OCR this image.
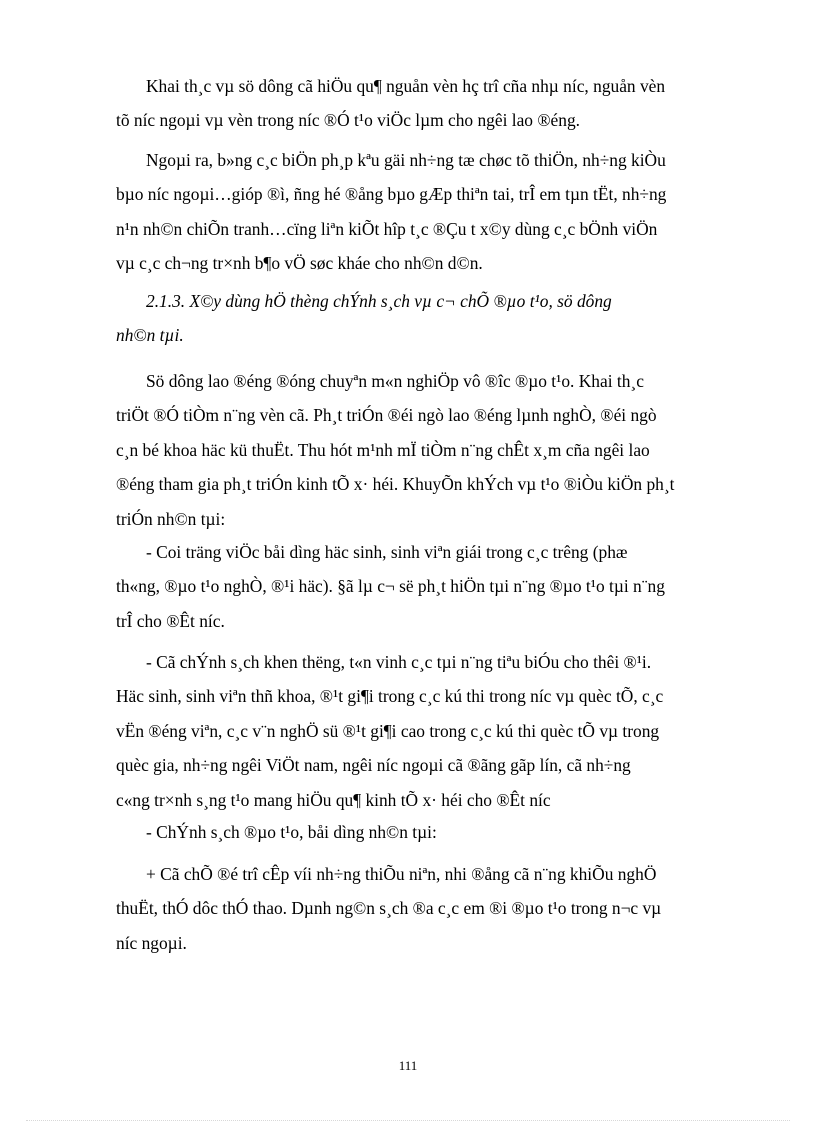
Khai th¸c vµ sö dông cã hiÖu qu¶ nguån vèn hç trî cña nhµ níc, nguån vèn
tõ níc ngoµi vµ vèn trong níc ®Ó t¹o viÖc lµm cho ngêi lao ®éng.

Ngoµi ra, b»ng c¸c biÖn ph¸p kªu gäi nh÷ng tæ chøc tõ thiÖn, nh÷ng kiÒu
bµo níc ngoµi…gióp ®ì, ñng hé ®ång bµo gÆp thiªn tai, trÎ em tµn tËt, nh÷ng
n¹n nh©n chiÕn tranh…cïng liªn kiÕt hîp t¸c ®Çu t x©y dùng c¸c bÖnh viÖn
vµ c¸c ch¬ng tr×nh b¶o vÖ søc kháe cho nh©n d©n.

2.1.3. X©y dùng hÖ thèng chÝnh s¸ch vµ c¬ chÕ ®µo t¹o, sö dông
nh©n tµi.

Sö dông lao ®éng ®óng chuyªn m«n nghiÖp vô ®îc ®µo t¹o. Khai th¸c
triÖt ®Ó tiÒm n¨ng vèn cã. Ph¸t triÓn ®éi ngò lao ®éng lµnh nghÒ, ®éi ngò
c¸n bé khoa häc kü thuËt. Thu hót m¹nh mÏ tiÒm n¨ng chÊt x¸m cña ngêi lao
®éng tham gia ph¸t triÓn kinh tÕ x· héi. KhuyÕn khÝch vµ t¹o ®iÒu kiÖn ph¸t
triÓn nh©n tµi:

- Coi träng viÖc båi dìng häc sinh, sinh viªn giái trong c¸c trêng (phæ
th«ng, ®µo t¹o nghÒ, ®¹i häc). §ã lµ c¬ së ph¸t hiÖn tµi n¨ng ®µo t¹o tµi n¨ng
trÎ cho ®Êt níc.

- Cã chÝnh s¸ch khen thëng, t«n vinh c¸c tµi n¨ng tiªu biÓu cho thêi ®¹i.
Häc sinh, sinh viªn thñ khoa, ®¹t gi¶i trong c¸c kú thi trong níc vµ quèc tÕ, c¸c
vËn ®éng viªn, c¸c v¨n nghÖ sü ®¹t gi¶i cao trong c¸c kú thi quèc tÕ vµ trong
quèc gia, nh÷ng ngêi ViÖt nam, ngêi níc ngoµi cã ®ãng gãp lín, cã nh÷ng
c«ng tr×nh s¸ng t¹o mang hiÖu qu¶ kinh tÕ x· héi cho ®Êt níc

- ChÝnh s¸ch ®µo t¹o, båi dìng nh©n tµi:

+ Cã chÕ ®é trî cÊp víi nh÷ng thiÕu niªn, nhi ®ång cã n¨ng khiÕu nghÖ
thuËt, thÓ dôc thÓ thao. Dµnh ng©n s¸ch ®a c¸c em ®i ®µo t¹o trong n¬c vµ
níc ngoµi.

111
